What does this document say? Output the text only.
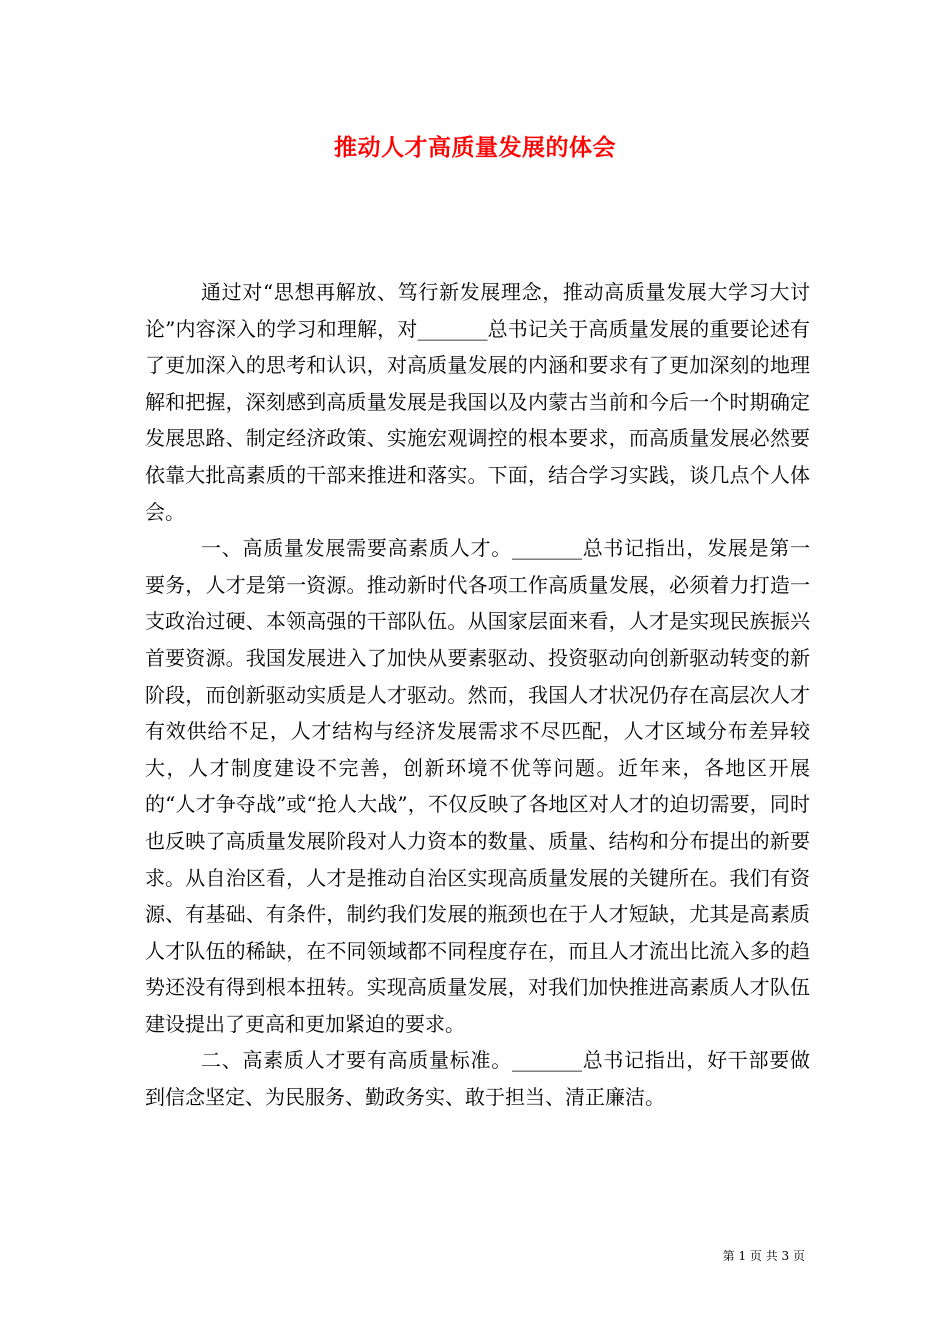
推动人才高质量发展的体会

通过对“思想再解放、笃行新发展理念，推动高质量发展大学习大讨论”内容深入的学习和理解，对_______总书记关于高质量发展的重要论述有了更加深入的思考和认识，对高质量发展的内涵和要求有了更加深刻的地理解和把握，深刻感到高质量发展是我国以及内蒙古当前和今后一个时期确定发展思路、制定经济政策、实施宏观调控的根本要求，而高质量发展必然要依靠大批高素质的干部来推进和落实。下面，结合学习实践，谈几点个人体会。

一、高质量发展需要高素质人才。_______总书记指出，发展是第一要务，人才是第一资源。推动新时代各项工作高质量发展，必须着力打造一支政治过硬、本领高强的干部队伍。从国家层面来看，人才是实现民族振兴首要资源。我国发展进入了加快从要素驱动、投资驱动向创新驱动转变的新阶段，而创新驱动实质是人才驱动。然而，我国人才状况仍存在高层次人才有效供给不足，人才结构与经济发展需求不尽匹配，人才区域分布差异较大，人才制度建设不完善，创新环境不优等问题。近年来，各地区开展的“人才争夺战”或“抢人大战”，不仅反映了各地区对人才的迫切需要，同时也反映了高质量发展阶段对人力资本的数量、质量、结构和分布提出的新要求。从自治区看，人才是推动自治区实现高质量发展的关键所在。我们有资源、有基础、有条件，制约我们发展的瓶颈也在于人才短缺，尤其是高素质人才队伍的稀缺，在不同领域都不同程度存在，而且人才流出比流入多的趋势还没有得到根本扭转。实现高质量发展，对我们加快推进高素质人才队伍建设提出了更高和更加紧迫的要求。

二、高素质人才要有高质量标准。_______总书记指出，好干部要做到信念坚定、为民服务、勤政务实、敢于担当、清正廉洁。

第 1 页 共 3 页
